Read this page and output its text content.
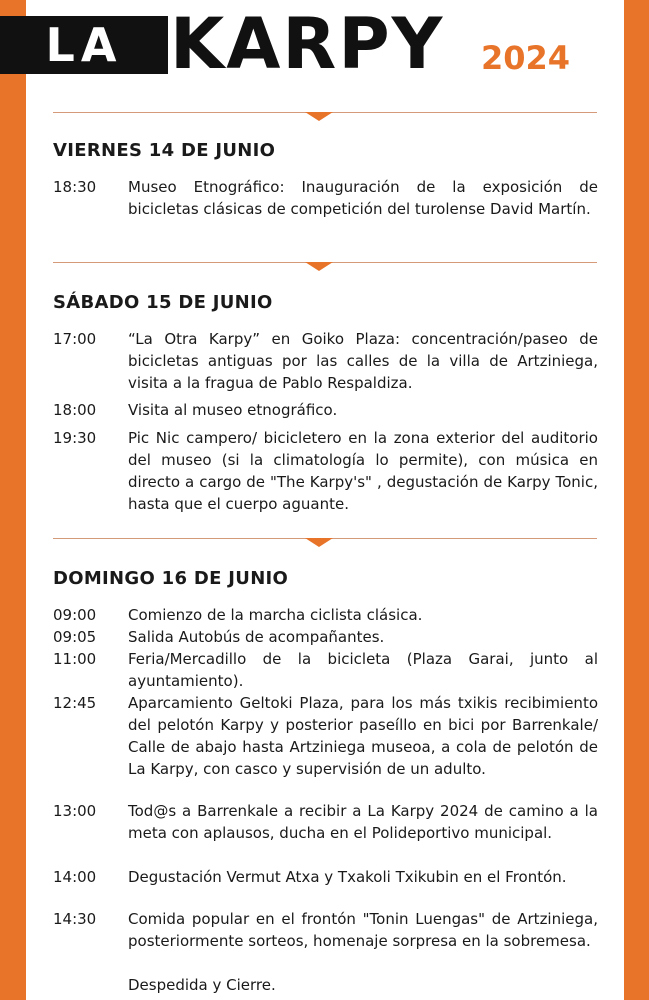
LA KARPY 2024
VIERNES 14 DE JUNIO
18:30	Museo Etnográfico: Inauguración de la exposición de bicicletas clásicas de competición del turolense David Martín.
SÁBADO 15 DE JUNIO
17:00	“La Otra Karpy” en Goiko Plaza: concentración/paseo de bicicletas antiguas por las calles de la villa de Artziniega, visita a la fragua de Pablo Respaldiza.
18:00	Visita al museo etnográfico.
19:30	Pic Nic campero/ bicicletero en la zona exterior del auditorio del museo (si la climatología lo permite), con música en directo a cargo de "The Karpy's" , degustación de Karpy Tonic, hasta que el cuerpo aguante.
DOMINGO 16 DE JUNIO
09:00	Comienzo de la marcha ciclista clásica.
09:05	Salida Autobús de acompañantes.
11:00	Feria/Mercadillo de la bicicleta (Plaza Garai, junto al ayuntamiento).
12:45	Aparcamiento Geltoki Plaza, para los más txikis recibimiento del pelotón Karpy y posterior paseíllo en bici por Barrenkale/ Calle de abajo hasta Artziniega museoa, a cola de pelotón de La Karpy, con casco y supervisión de un adulto.
13:00	Tod@s a Barrenkale a recibir a La Karpy 2024 de camino a la meta con aplausos, ducha en el Polideportivo municipal.
14:00	Degustación Vermut Atxa y Txakoli Txikubin en el Frontón.
14:30	Comida popular en el frontón "Tonin Luengas" de Artziniega, posteriormente sorteos, homenaje sorpresa en la sobremesa.
Despedida y Cierre.
